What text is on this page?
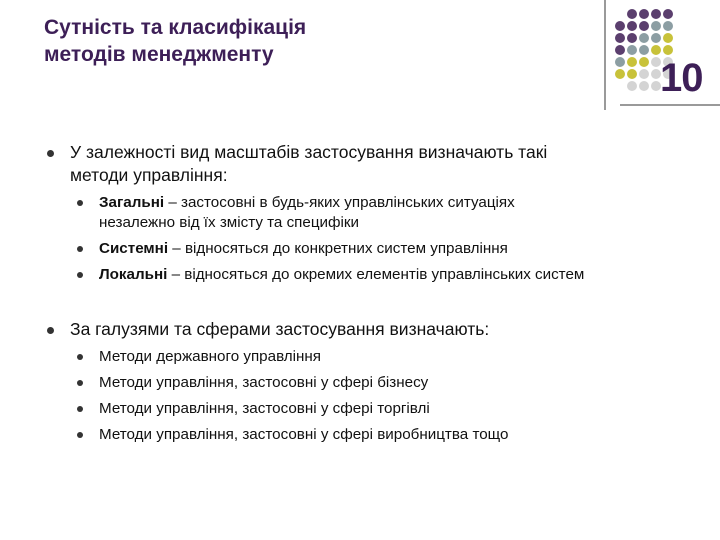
Сутність та класифікація
методів менеджменту
10
У залежності вид масштабів застосування визначають такі
методи управління:
Загальні – застосовні в будь-яких управлінських ситуаціях
незалежно від їх змісту та специфіки
Системні – відносяться до конкретних систем управління
Локальні – відносяться до окремих елементів управлінських систем
За галузями та сферами застосування визначають:
Методи державного управління
Методи управління, застосовні у сфері бізнесу
Методи управління, застосовні у сфері торгівлі
Методи управління, застосовні у сфері виробництва тощо
